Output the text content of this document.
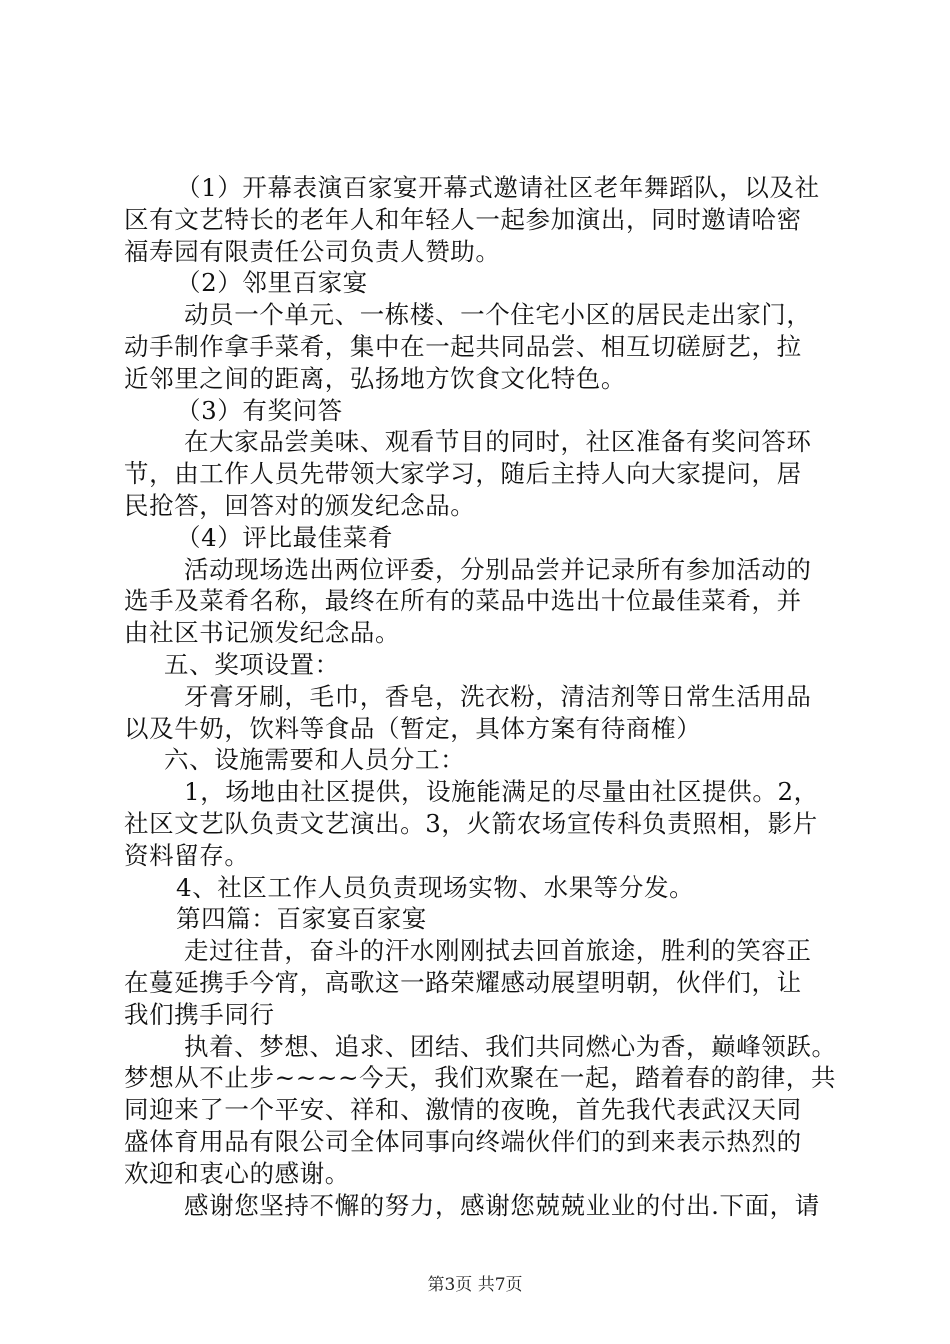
（1）开幕表演百家宴开幕式邀请社区老年舞蹈队，以及社
区有文艺特长的老年人和年轻人一起参加演出，同时邀请哈密
福寿园有限责任公司负责人赞助。
（2）邻里百家宴
动员一个单元、一栋楼、一个住宅小区的居民走出家门，
动手制作拿手菜肴，集中在一起共同品尝、相互切磋厨艺，拉
近邻里之间的距离，弘扬地方饮食文化特色。
（3）有奖问答
在大家品尝美味、观看节目的同时，社区准备有奖问答环
节，由工作人员先带领大家学习，随后主持人向大家提问，居
民抢答，回答对的颁发纪念品。
（4）评比最佳菜肴
活动现场选出两位评委，分别品尝并记录所有参加活动的
选手及菜肴名称，最终在所有的菜品中选出十位最佳菜肴，并
由社区书记颁发纪念品。
五、奖项设置：
牙膏牙刷，毛巾，香皂，洗衣粉，清洁剂等日常生活用品
以及牛奶，饮料等食品（暂定，具体方案有待商榷）
六、设施需要和人员分工：
1，场地由社区提供，设施能满足的尽量由社区提供。2，
社区文艺队负责文艺演出。3，火箭农场宣传科负责照相，影片
资料留存。
4、社区工作人员负责现场实物、水果等分发。
第四篇：百家宴百家宴
走过往昔，奋斗的汗水刚刚拭去回首旅途，胜利的笑容正
在蔓延携手今宵，高歌这一路荣耀感动展望明朝，伙伴们，让
我们携手同行
执着、梦想、追求、团结、我们共同燃心为香，巅峰领跃。
梦想从不止步~~~~今天，我们欢聚在一起，踏着春的韵律，共
同迎来了一个平安、祥和、激情的夜晚，首先我代表武汉天同
盛体育用品有限公司全体同事向终端伙伴们的到来表示热烈的
欢迎和衷心的感谢。
感谢您坚持不懈的努力，感谢您兢兢业业的付出.下面，请
第3页 共7页
